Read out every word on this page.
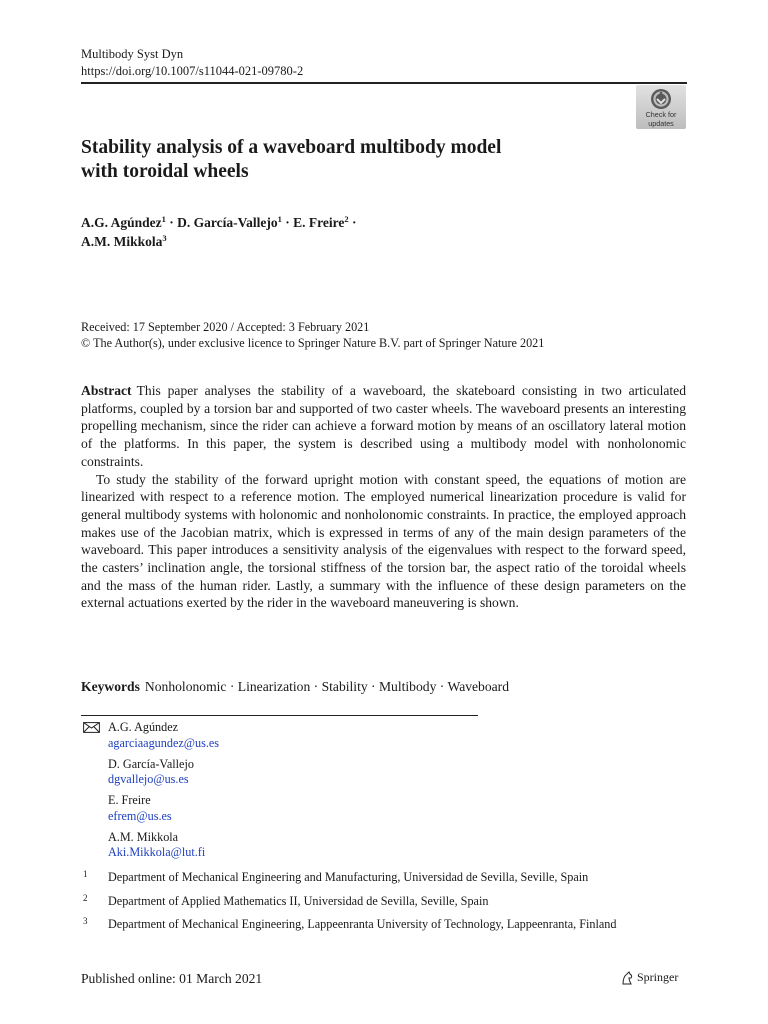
Multibody Syst Dyn
https://doi.org/10.1007/s11044-021-09780-2
Check for
updates
Stability analysis of a waveboard multibody model
with toroidal wheels
A.G. Agúndez$^1$ · D. García-Vallejo$^1$ · E. Freire$^2$ ·
A.M. Mikkola$^3$
Received: 17 September 2020 / Accepted: 3 February 2021
© The Author(s), under exclusive licence to Springer Nature B.V. part of Springer Nature 2021

Abstract This paper analyses the stability of a waveboard, the skateboard consisting in two articulated platforms, coupled by a torsion bar and supported of two caster wheels. The waveboard presents an interesting propelling mechanism, since the rider can achieve a forward motion by means of an oscillatory lateral motion of the platforms. In this paper, the system is described using a multibody model with nonholonomic constraints.

To study the stability of the forward upright motion with constant speed, the equations of motion are linearized with respect to a reference motion. The employed numerical linearization procedure is valid for general multibody systems with holonomic and nonholonomic constraints. In practice, the employed approach makes use of the Jacobian matrix, which is expressed in terms of any of the main design parameters of the waveboard. This paper introduces a sensitivity analysis of the eigenvalues with respect to the forward speed, the casters’ inclination angle, the torsional stiffness of the torsion bar, the aspect ratio of the toroidal wheels and the mass of the human rider. Lastly, a summary with the influence of these design parameters on the external actuations exerted by the rider in the waveboard maneuvering is shown.

Keywords Nonholonomic · Linearization · Stability · Multibody · Waveboard
A.G. Agúndez
agarciaagundez@us.es
D. García-Vallejo
dgvallejo@us.es
E. Freire
efrem@us.es
A.M. Mikkola
Aki.Mikkola@lut.fi
1 Department of Mechanical Engineering and Manufacturing, Universidad de Sevilla, Seville, Spain
2 Department of Applied Mathematics II, Universidad de Sevilla, Seville, Spain
3 Department of Mechanical Engineering, Lappeenranta University of Technology, Lappeenranta, Finland
Published online: 01 March 2021	Springer
